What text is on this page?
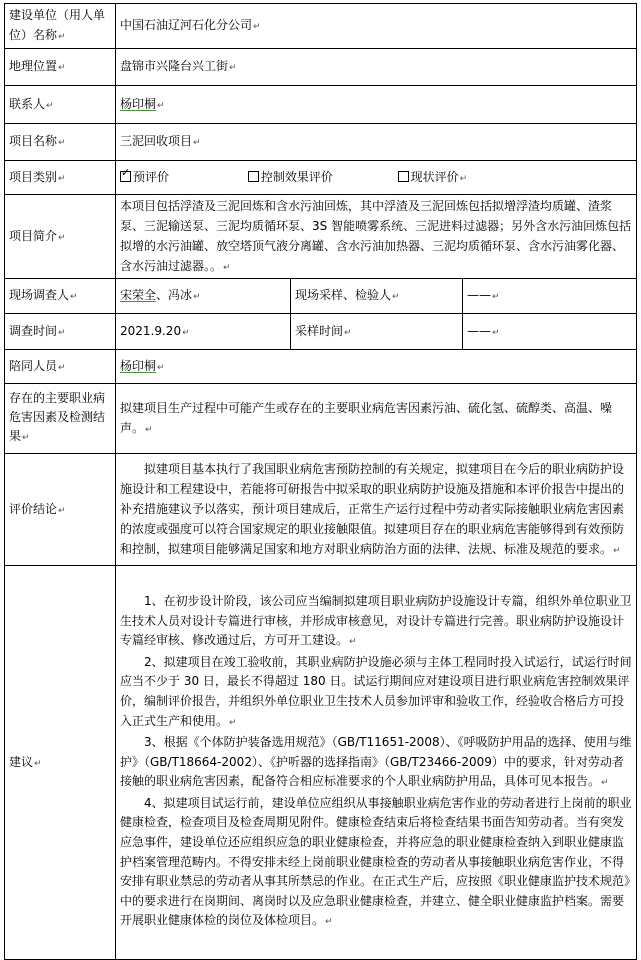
建设单位（用人单位）名称↵	中国石油辽河石化分公司↵		
地理位置↵	盘锦市兴隆台兴工街↵		
联系人↵	杨印桐↵		
项目名称↵	三泥回收项目↵		
项目类别↵	✓预评价 控制效果评价 现状评价↵
项目简介↵	本项目包括浮渣及三泥回炼和含水污油回炼，其中浮渣及三泥回炼包括拟增浮渣均质罐、渣浆泵、三泥输送泵、三泥均质循环泵、3S 智能喷雾系统、三泥进料过滤器；另外含水污油回炼包括拟增的水污油罐、放空塔顶气液分离罐、含水污油加热器、三泥均质循环泵、含水污油雾化器、含水污油过滤器。。↵		
现场调查人↵	宋荣全、冯冰↵	现场采样、检验人↵	——↵
调查时间↵	2021.9.20↵	采样时间↵	——↵
陪同人员↵	杨印桐↵		
存在的主要职业病危害因素及检测结果↵	拟建项目生产过程中可能产生或存在的主要职业病危害因素污油、硫化氢、硫醇类、高温、噪声。↵		
评价结论↵	拟建项目基本执行了我国职业病危害预防控制的有关规定，拟建项目在今后的职业病防护设施设计和工程建设中，若能将可研报告中拟采取的职业病防护设施及措施和本评价报告中提出的补充措施建议予以落实，预计项目建成后，正常生产运行过程中劳动者实际接触职业病危害因素的浓度或强度可以符合国家规定的职业接触限值。拟建项目存在的职业病危害能够得到有效预防和控制，拟建项目能够满足国家和地方对职业病防治方面的法律、法规、标准及规范的要求。↵		

建议↵	1、在初步设计阶段，该公司应当编制拟建项目职业病防护设施设计专篇，组织外单位职业卫生技术人员对设计专篇进行审核，并形成审核意见，对设计专篇进行完善。职业病防护设施设计专篇经审核、修改通过后，方可开工建设。↵
2、拟建项目在竣工验收前，其职业病防护设施必须与主体工程同时投入试运行，试运行时间应当不少于 30 日，最长不得超过 180 日。试运行期间应对建设项目进行职业病危害控制效果评价，编制评价报告，并组织外单位职业卫生技术人员参加评审和验收工作，经验收合格后方可投入正式生产和使用。↵
3、根据《个体防护装备选用规范》（GB/T11651-2008）、《呼吸防护用品的选择、使用与维护》（GB/T18664-2002）、《护听器的选择指南》（GB/T23466-2009）中的要求，针对劳动者接触的职业病危害因素，配备符合相应标准要求的个人职业病防护用品，具体可见本报告。↵
4、拟建项目试运行前，建设单位应组织从事接触职业病危害作业的劳动者进行上岗前的职业健康检查，检查项目及检查周期见附件。健康检查结束后将检查结果书面告知劳动者。当有突发应急事件，建设单位还应组织应急的职业健康检查，并将应急的职业健康检查纳入到职业健康监护档案管理范畴内。不得安排未经上岗前职业健康检查的劳动者从事接触职业病危害作业，不得安排有职业禁忌的劳动者从事其所禁忌的作业。在正式生产后，应按照《职业健康监护技术规范》中的要求进行在岗期间、离岗时以及应急职业健康检查，并建立、健全职业健康监护档案。需要开展职业健康体检的岗位及体检项目。↵		
